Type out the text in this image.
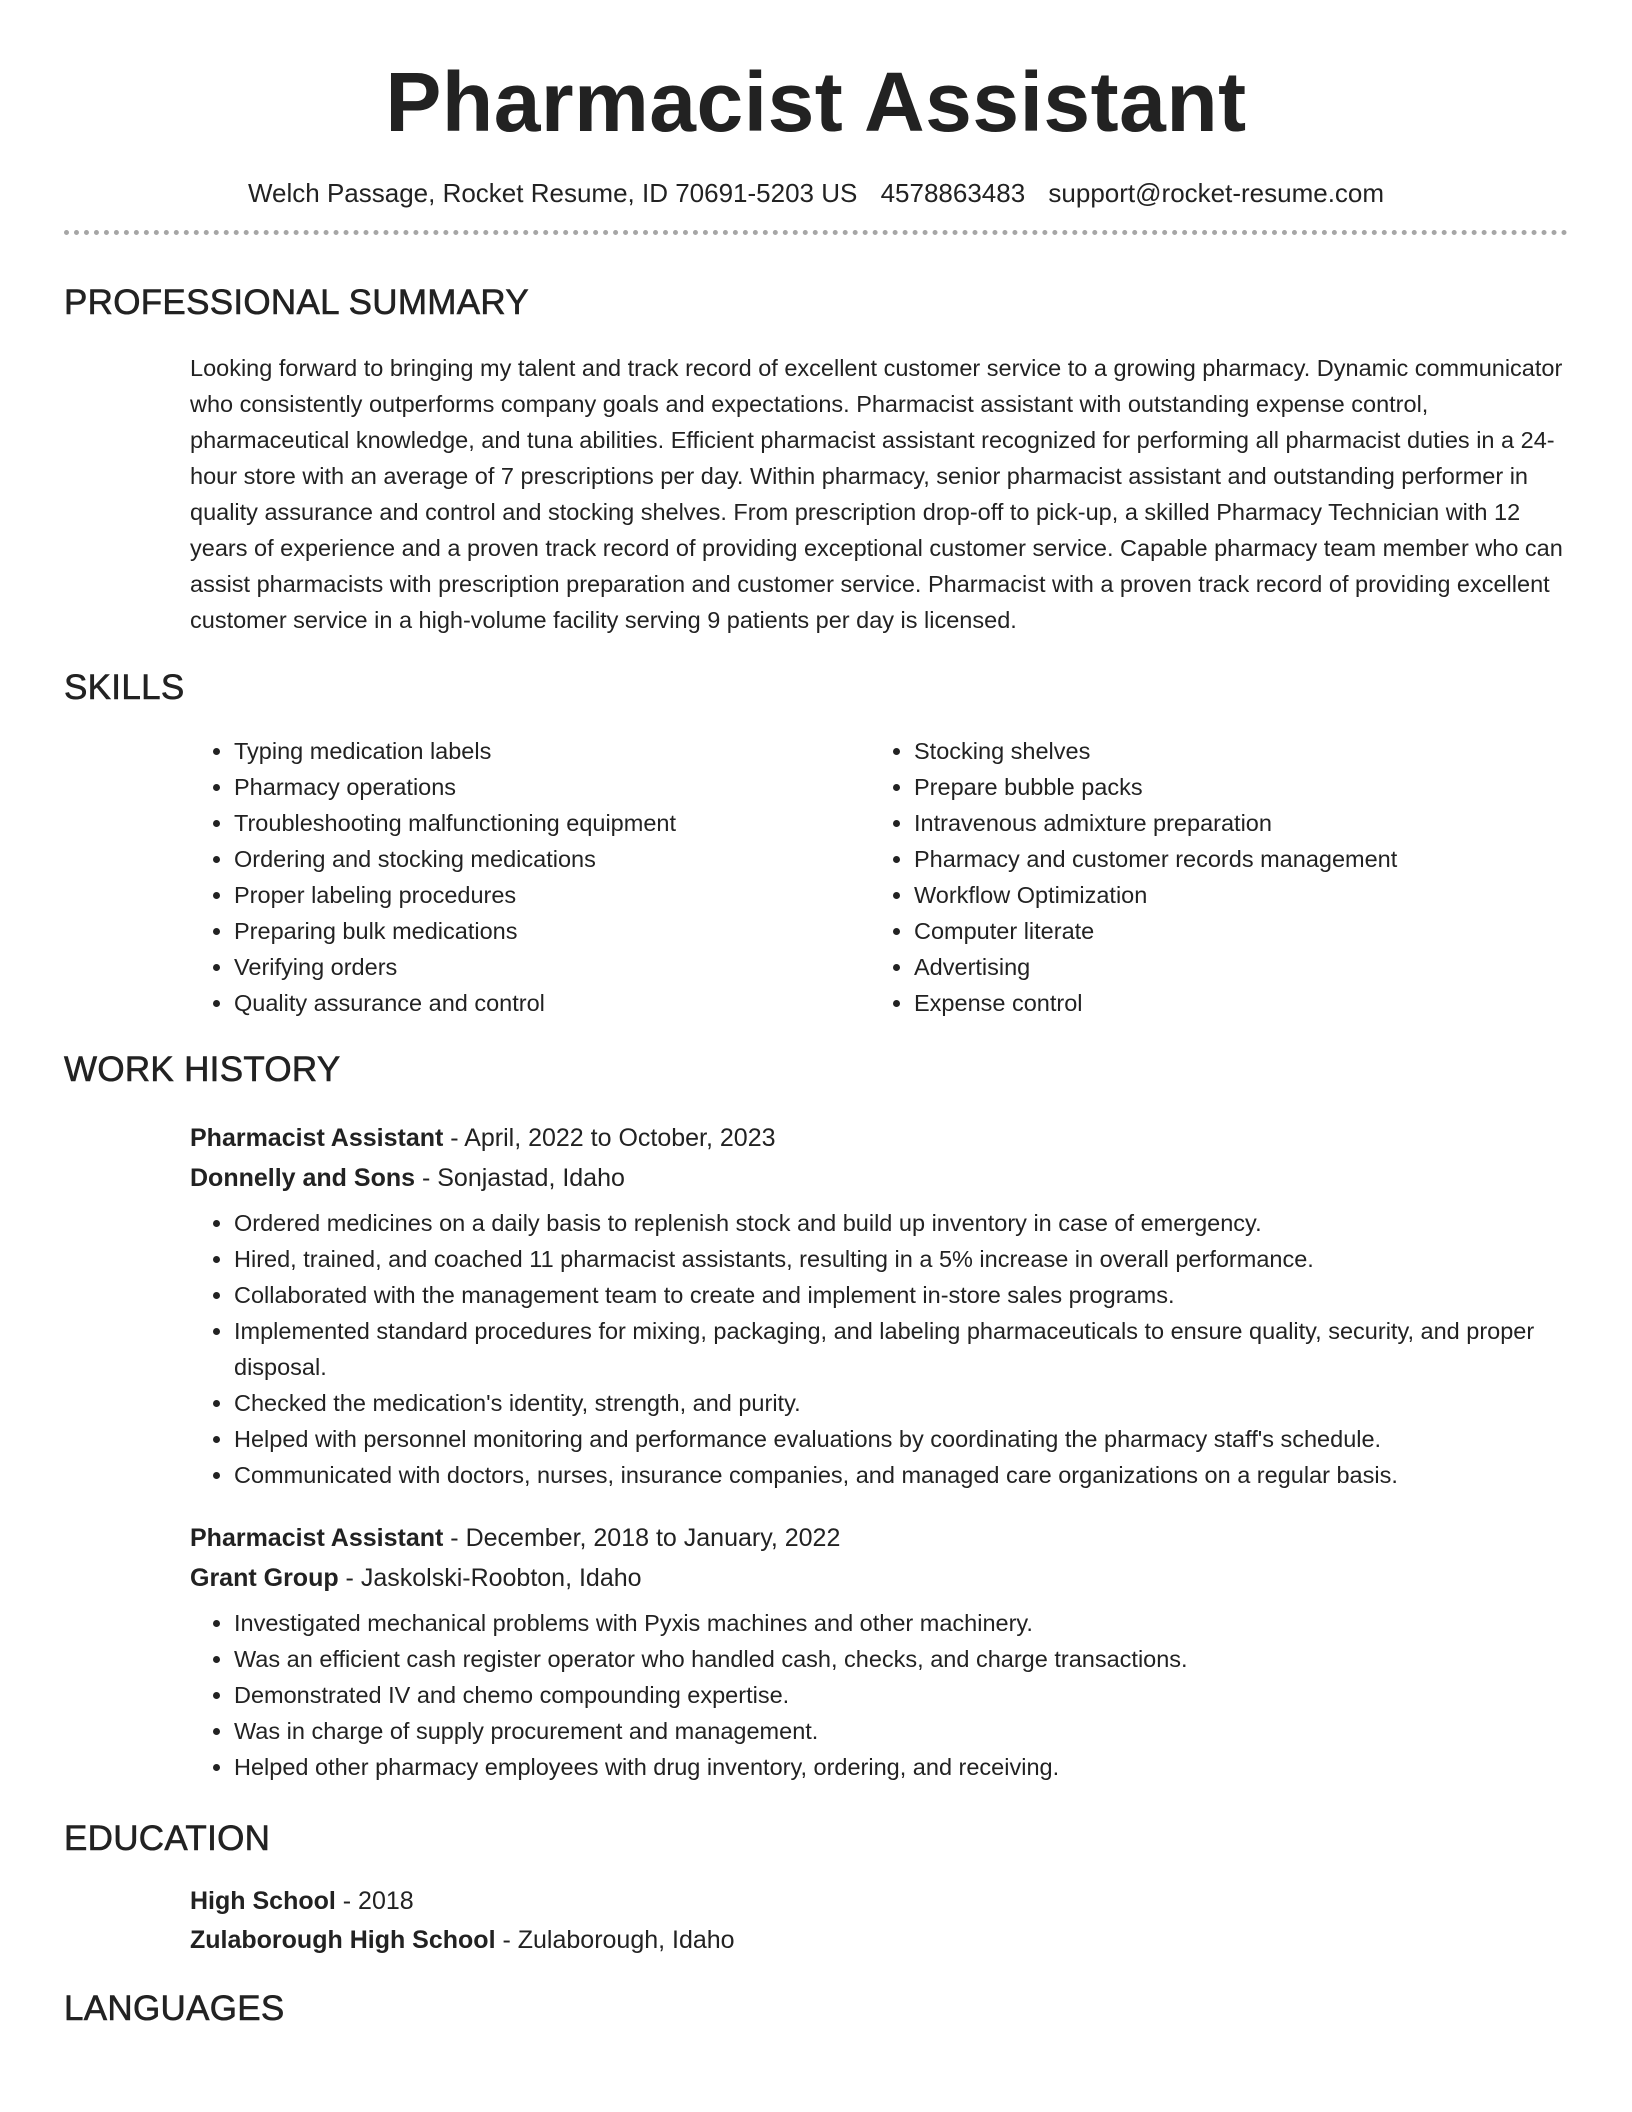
Pharmacist Assistant
Welch Passage, Rocket Resume, ID 70691-5203 US 4578863483 support@rocket-resume.com
PROFESSIONAL SUMMARY
Looking forward to bringing my talent and track record of excellent customer service to a growing pharmacy. Dynamic communicator who consistently outperforms company goals and expectations. Pharmacist assistant with outstanding expense control, pharmaceutical knowledge, and tuna abilities. Efficient pharmacist assistant recognized for performing all pharmacist duties in a 24-hour store with an average of 7 prescriptions per day. Within pharmacy, senior pharmacist assistant and outstanding performer in quality assurance and control and stocking shelves. From prescription drop-off to pick-up, a skilled Pharmacy Technician with 12 years of experience and a proven track record of providing exceptional customer service. Capable pharmacy team member who can assist pharmacists with prescription preparation and customer service. Pharmacist with a proven track record of providing excellent customer service in a high-volume facility serving 9 patients per day is licensed.
SKILLS
• Typing medication labels
• Pharmacy operations
• Troubleshooting malfunctioning equipment
• Ordering and stocking medications
• Proper labeling procedures
• Preparing bulk medications
• Verifying orders
• Quality assurance and control
• Stocking shelves
• Prepare bubble packs
• Intravenous admixture preparation
• Pharmacy and customer records management
• Workflow Optimization
• Computer literate
• Advertising
• Expense control
WORK HISTORY
Pharmacist Assistant - April, 2022 to October, 2023
Donnelly and Sons - Sonjastad, Idaho
• Ordered medicines on a daily basis to replenish stock and build up inventory in case of emergency.
• Hired, trained, and coached 11 pharmacist assistants, resulting in a 5% increase in overall performance.
• Collaborated with the management team to create and implement in-store sales programs.
• Implemented standard procedures for mixing, packaging, and labeling pharmaceuticals to ensure quality, security, and proper disposal.
• Checked the medication's identity, strength, and purity.
• Helped with personnel monitoring and performance evaluations by coordinating the pharmacy staff's schedule.
• Communicated with doctors, nurses, insurance companies, and managed care organizations on a regular basis.
Pharmacist Assistant - December, 2018 to January, 2022
Grant Group - Jaskolski-Roobton, Idaho
• Investigated mechanical problems with Pyxis machines and other machinery.
• Was an efficient cash register operator who handled cash, checks, and charge transactions.
• Demonstrated IV and chemo compounding expertise.
• Was in charge of supply procurement and management.
• Helped other pharmacy employees with drug inventory, ordering, and receiving.
EDUCATION
High School - 2018
Zulaborough High School - Zulaborough, Idaho
LANGUAGES
